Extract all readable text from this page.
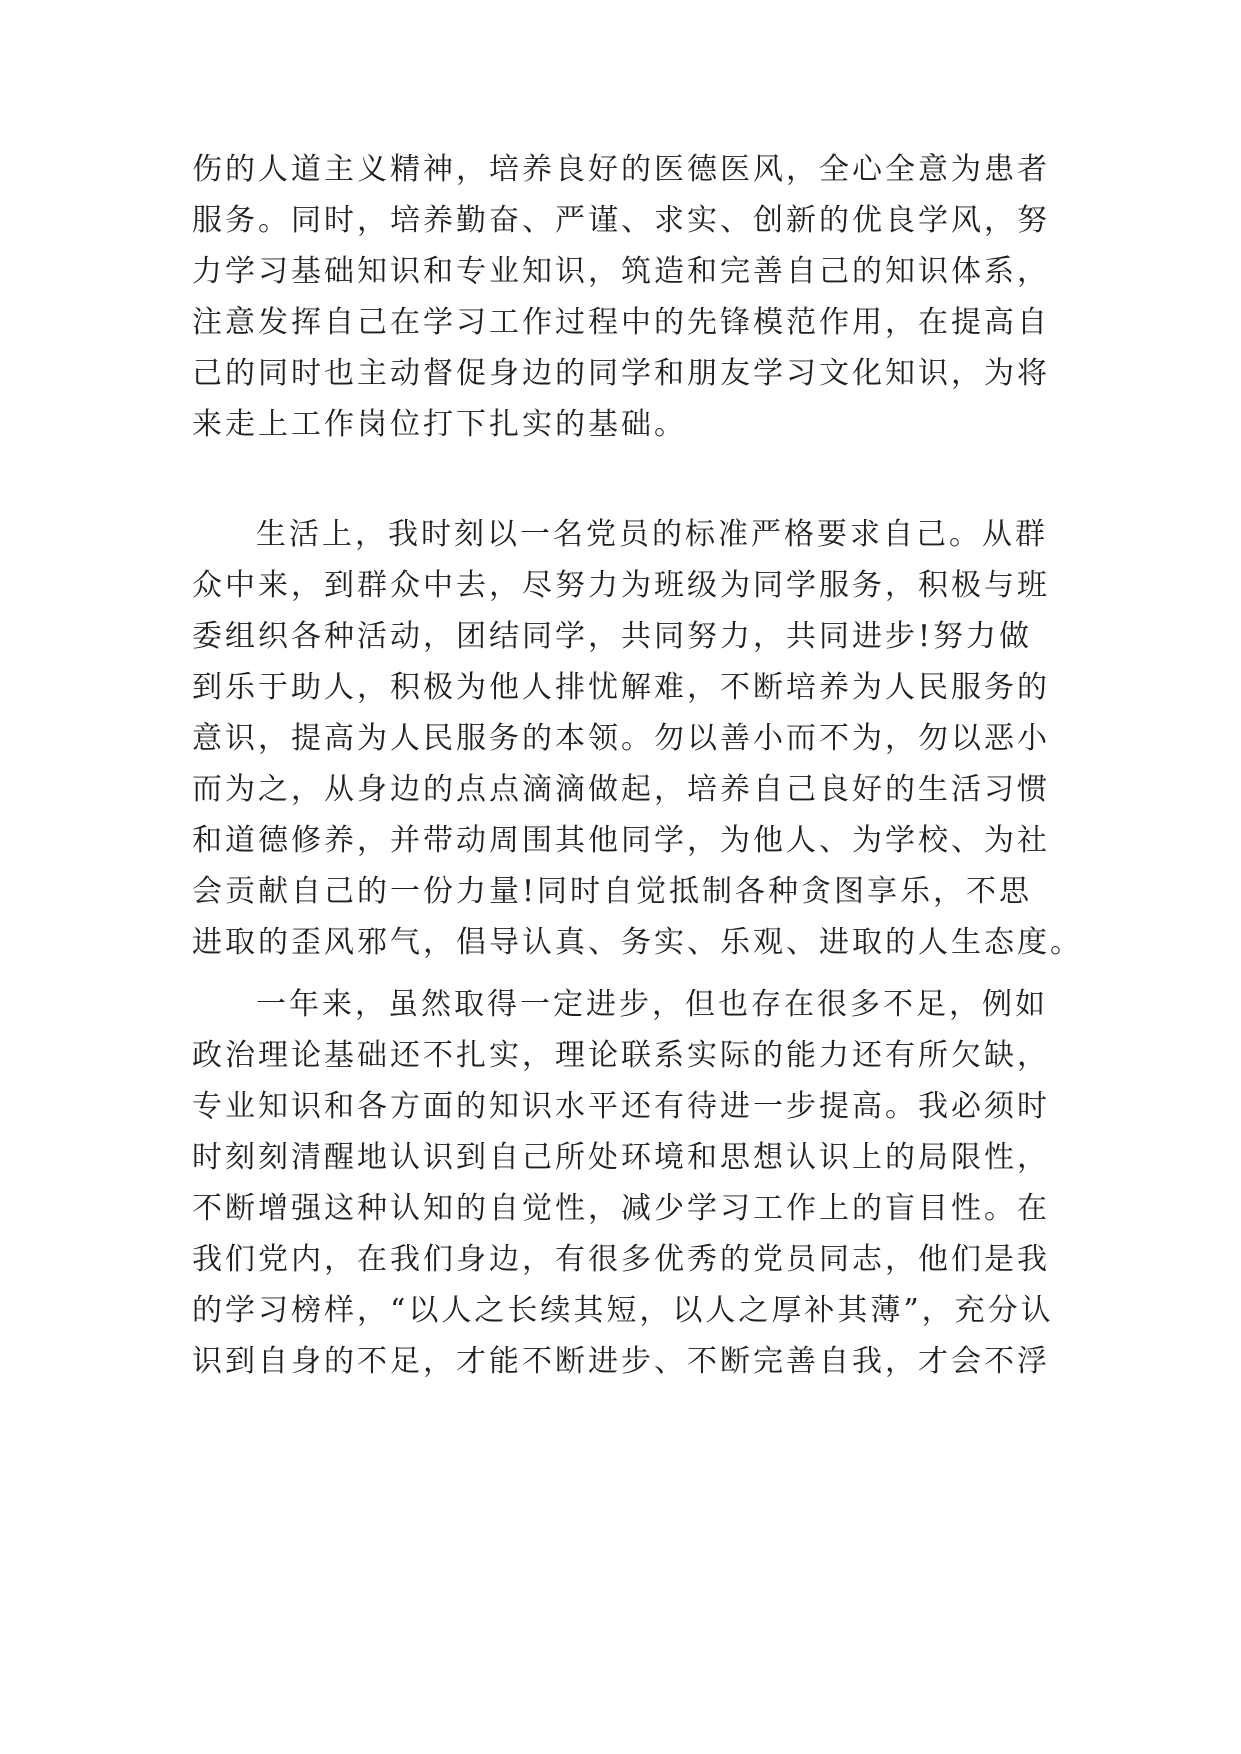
伤的人道主义精神，培养良好的医德医风，全心全意为患者
服务。同时，培养勤奋、严谨、求实、创新的优良学风，努
力学习基础知识和专业知识，筑造和完善自己的知识体系，
注意发挥自己在学习工作过程中的先锋模范作用，在提高自
己的同时也主动督促身边的同学和朋友学习文化知识，为将
来走上工作岗位打下扎实的基础。
生活上，我时刻以一名党员的标准严格要求自己。从群
众中来，到群众中去，尽努力为班级为同学服务，积极与班
委组织各种活动，团结同学，共同努力，共同进步!努力做
到乐于助人，积极为他人排忧解难，不断培养为人民服务的
意识，提高为人民服务的本领。勿以善小而不为，勿以恶小
而为之，从身边的点点滴滴做起，培养自己良好的生活习惯
和道德修养，并带动周围其他同学，为他人、为学校、为社
会贡献自己的一份力量!同时自觉抵制各种贪图享乐，不思
进取的歪风邪气，倡导认真、务实、乐观、进取的人生态度。
一年来，虽然取得一定进步，但也存在很多不足，例如
政治理论基础还不扎实，理论联系实际的能力还有所欠缺，
专业知识和各方面的知识水平还有待进一步提高。我必须时
时刻刻清醒地认识到自己所处环境和思想认识上的局限性，
不断增强这种认知的自觉性，减少学习工作上的盲目性。在
我们党内，在我们身边，有很多优秀的党员同志，他们是我
的学习榜样，“以人之长续其短，以人之厚补其薄”，充分认
识到自身的不足，才能不断进步、不断完善自我，才会不浮
